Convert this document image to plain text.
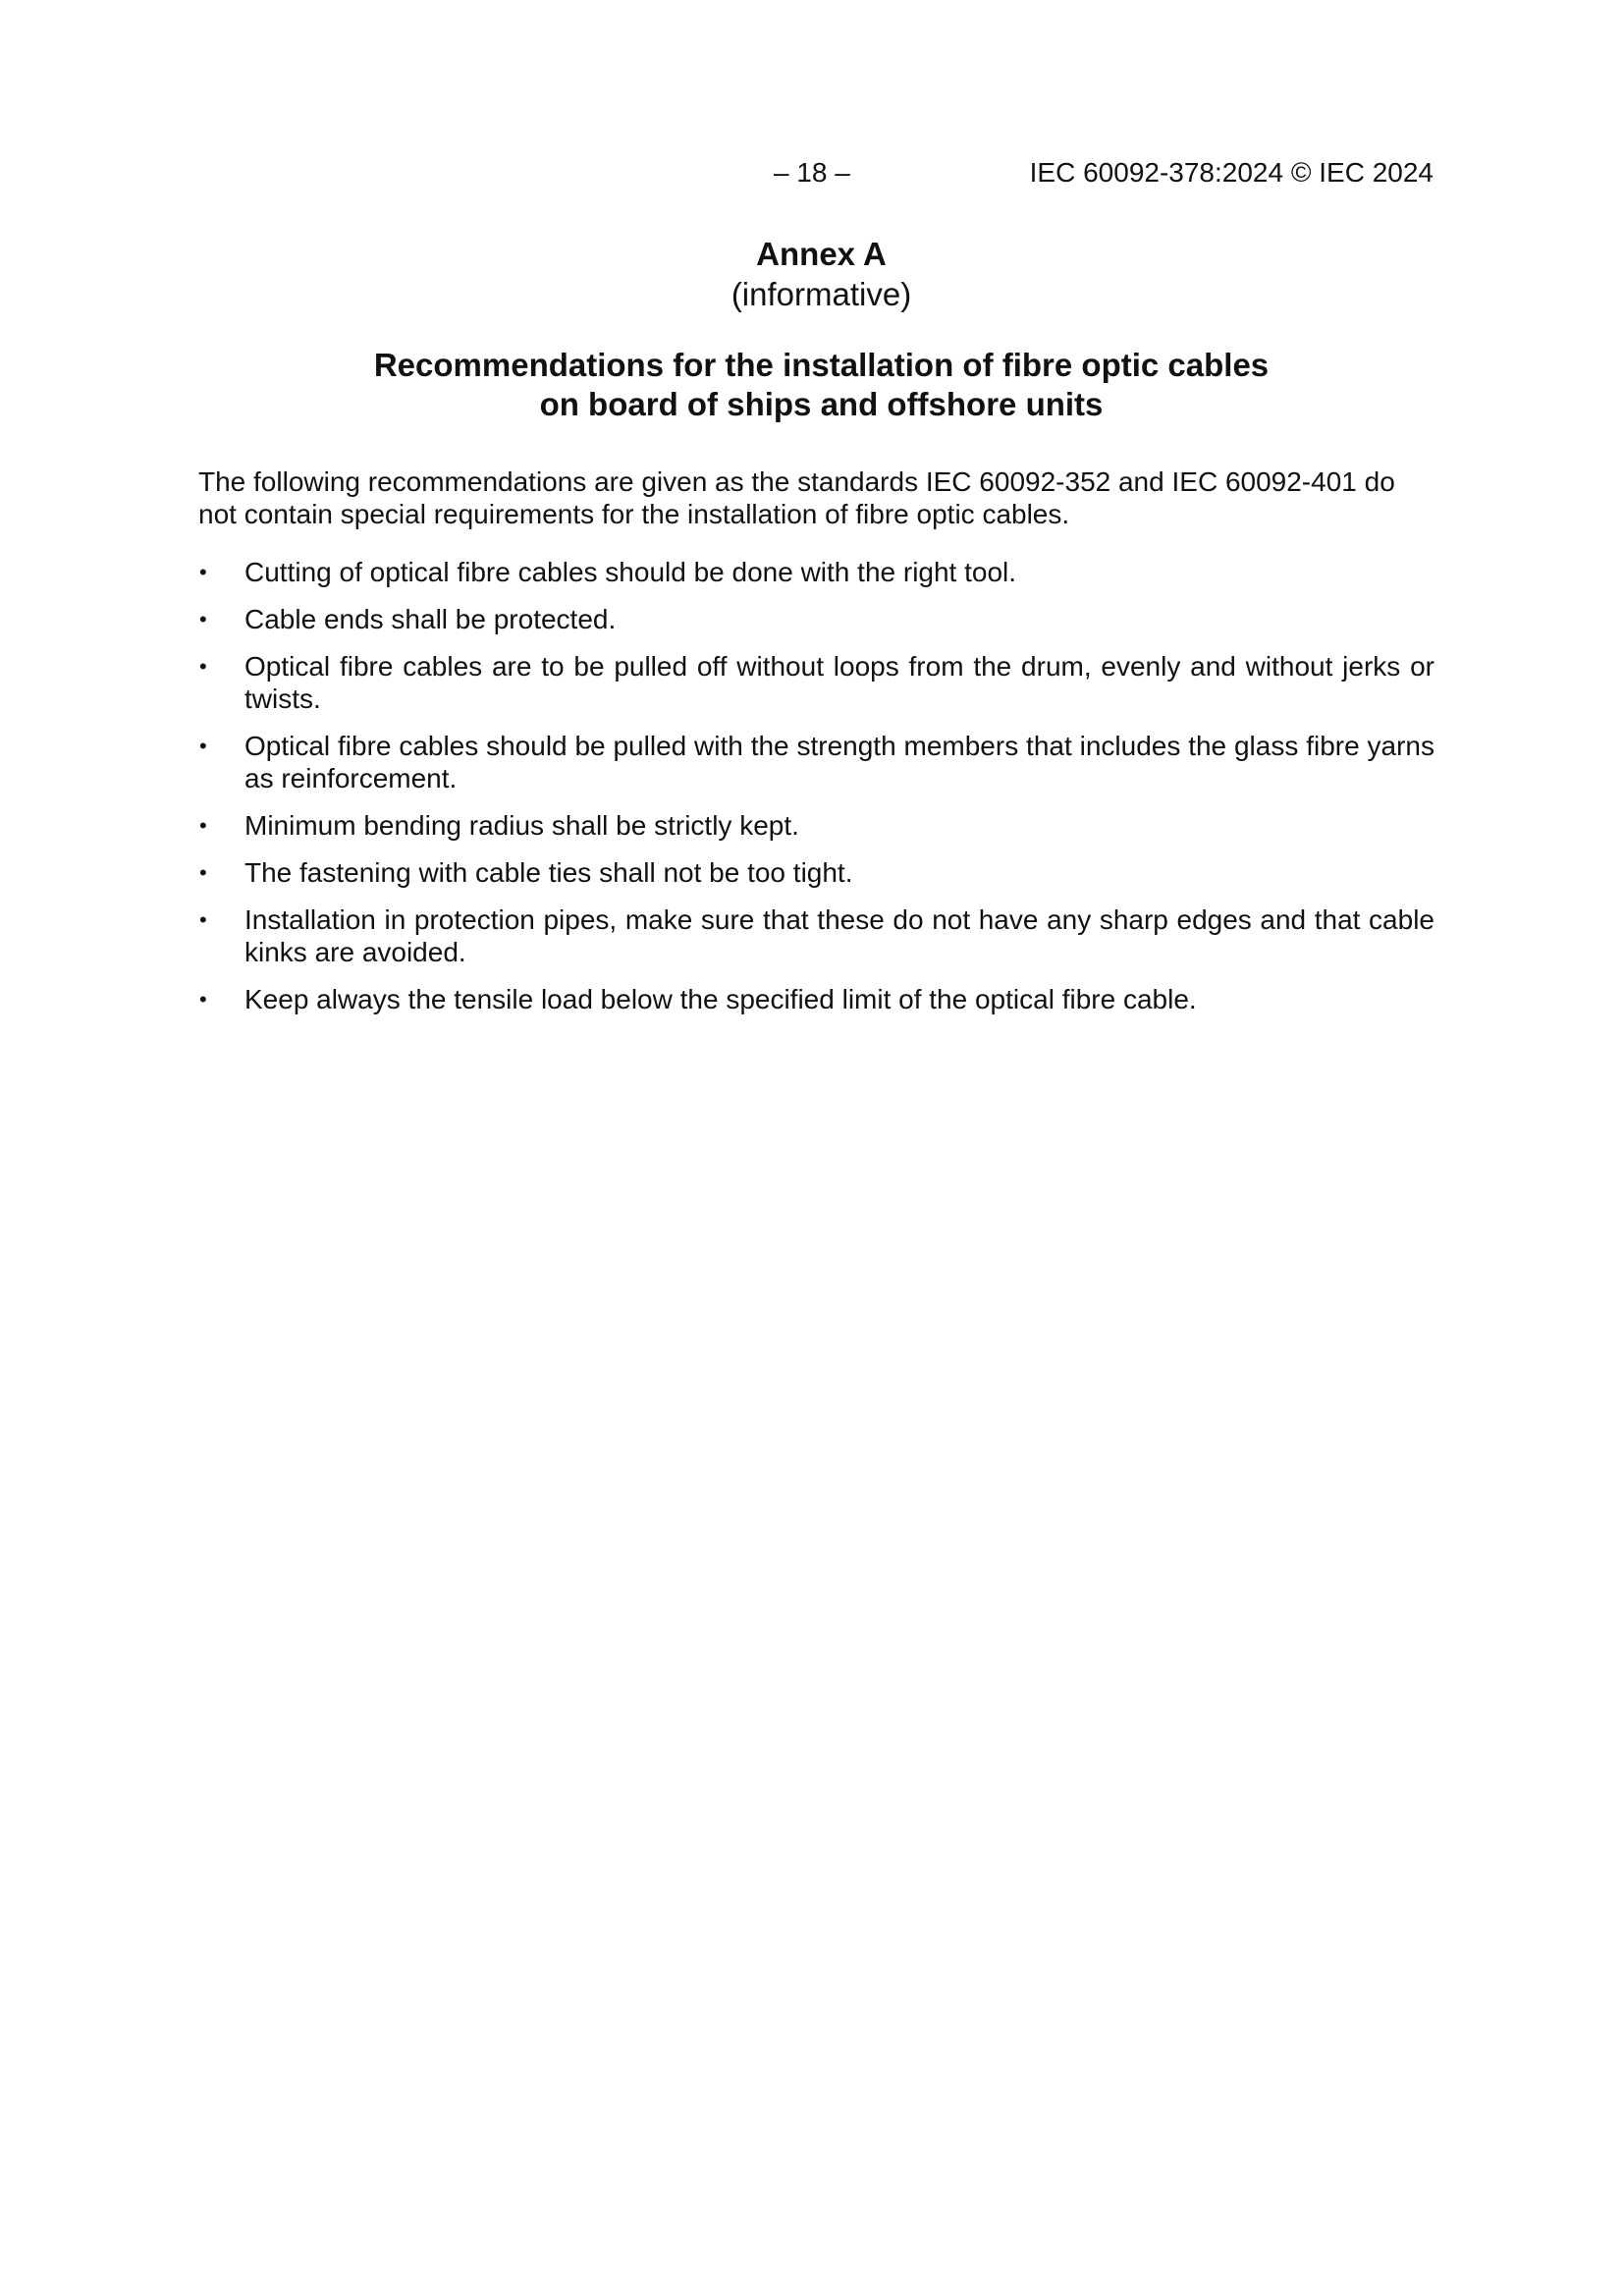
– 18 –	IEC 60092-378:2024 © IEC 2024
Annex A
(informative)
Recommendations for the installation of fibre optic cables
on board of ships and offshore units

The following recommendations are given as the standards IEC 60092-352 and IEC 60092-401 do not contain special requirements for the installation of fibre optic cables.

• Cutting of optical fibre cables should be done with the right tool.
• Cable ends shall be protected.
• Optical fibre cables are to be pulled off without loops from the drum, evenly and without jerks or twists.
• Optical fibre cables should be pulled with the strength members that includes the glass fibre yarns as reinforcement.
• Minimum bending radius shall be strictly kept.
• The fastening with cable ties shall not be too tight.
• Installation in protection pipes, make sure that these do not have any sharp edges and that cable kinks are avoided.
• Keep always the tensile load below the specified limit of the optical fibre cable.
